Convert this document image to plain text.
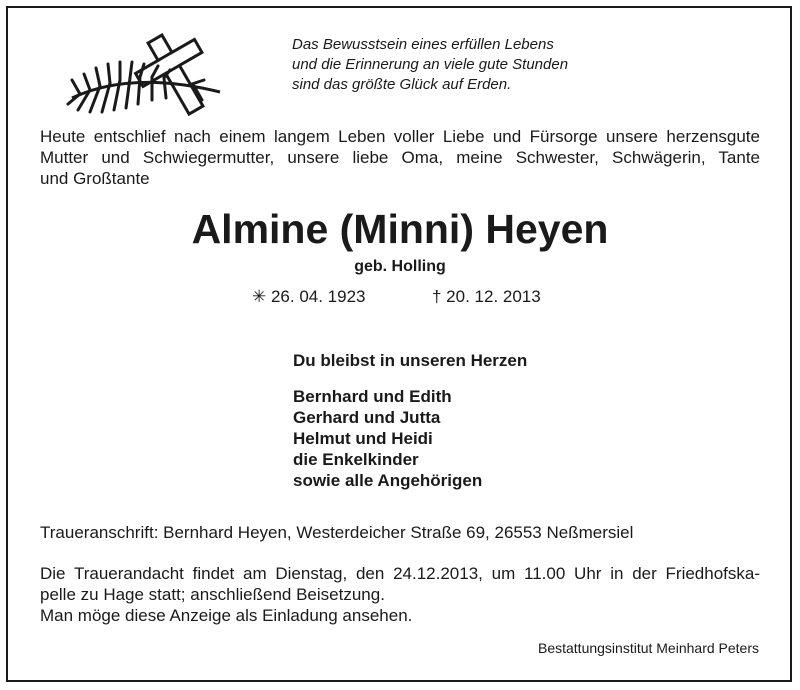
Das Bewusstsein eines erfüllen Lebens
und die Erinnerung an viele gute Stunden
sind das größte Glück auf Erden.
Heute entschlief nach einem langem Leben voller Liebe und Fürsorge unsere herzensgute
Mutter und Schwiegermutter, unsere liebe Oma, meine Schwester, Schwägerin, Tante
und Großtante
Almine (Minni) Heyen
geb. Holling
✳ 26. 04. 1923	† 20. 12. 2013
Du bleibst in unseren Herzen
Bernhard und Edith
Gerhard und Jutta
Helmut und Heidi
die Enkelkinder
sowie alle Angehörigen
Traueranschrift: Bernhard Heyen, Westerdeicher Straße 69, 26553 Neßmersiel
Die Trauerandacht findet am Dienstag, den 24.12.2013, um 11.00 Uhr in der Friedhofska-
pelle zu Hage statt; anschließend Beisetzung.
Man möge diese Anzeige als Einladung ansehen.
Bestattungsinstitut Meinhard Peters
